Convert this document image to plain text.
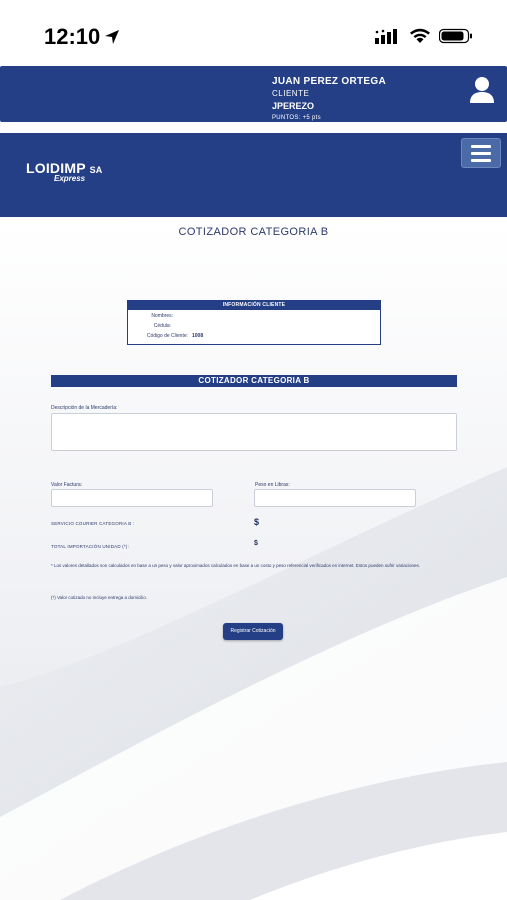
12:10
JUAN PEREZ ORTEGA
CLIENTE
JPEREZO
PUNTOS: +5 pts
LOIDIMP SA
Express
COTIZADOR CATEGORIA B
INFORMACIÓN CLIENTE
Nombres:
Cédula:
Código de Cliente: 1008
COTIZADOR CATEGORIA B
Descripción de la Mercadería:
Valor Factura:	Peso en Libras:
SERVICIO COURIER CATEGORIA B :	$
TOTAL IMPORTACIÓN UNIDAD (*):	$
* Los valores detallados son calculados en base a un peso y valor aproximados calculados en base a un costo y peso referencial verificados en internet. Estos pueden sufrir variaciones.
(*) Valor cotizado no incluye entrega a domicilio.
Registrar Cotización
